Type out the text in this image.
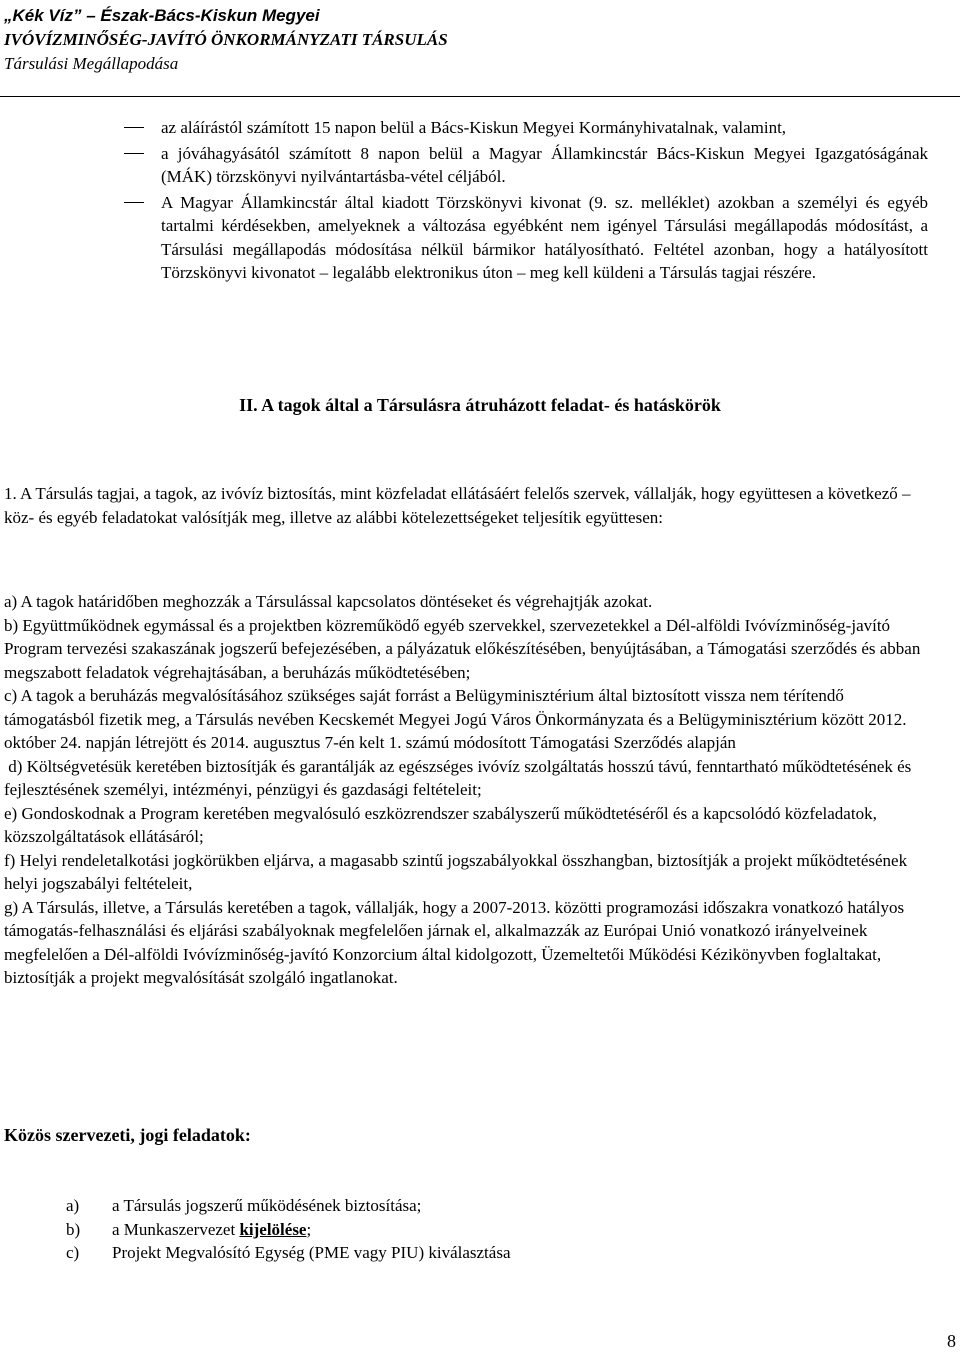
„Kék Víz” – Észak-Bács-Kiskun Megyei
IVÓVÍZMINŐSÉG-JAVÍTÓ ÖNKORMÁNYZATI TÁRSULÁS
Társulási Megállapodása
az aláírástól számított 15 napon belül a Bács-Kiskun Megyei Kormányhivatalnak, valamint,
a jóváhagyásától számított 8 napon belül a Magyar Államkincstár Bács-Kiskun Megyei Igazgatóságának (MÁK) törzskönyvi nyilvántartásba-vétel céljából.
A Magyar Államkincstár által kiadott Törzskönyvi kivonat (9. sz. melléklet) azokban a személyi és egyéb tartalmi kérdésekben, amelyeknek a változása egyébként nem igényel Társulási megállapodás módosítást, a Társulási megállapodás módosítása nélkül bármikor hatályosítható. Feltétel azonban, hogy a hatályosított Törzskönyvi kivonatot – legalább elektronikus úton – meg kell küldeni a Társulás tagjai részére.
II. A tagok által a Társulásra átruházott feladat- és hatáskörök

1. A Társulás tagjai, a tagok, az ivóvíz biztosítás, mint közfeladat ellátásáért felelős szervek, vállalják, hogy együttesen a következő – köz- és egyéb feladatokat valósítják meg, illetve az alábbi kötelezettségeket teljesítik együttesen:

a) A tagok határidőben meghozzák a Társulással kapcsolatos döntéseket és végrehajtják azokat.

b) Együttműködnek egymással és a projektben közreműködő egyéb szervekkel, szervezetekkel a Dél-alföldi Ivóvízminőség-javító Program tervezési szakaszának jogszerű befejezésében, a pályázatuk előkészítésében, benyújtásában, a Támogatási szerződés és abban megszabott feladatok végrehajtásában, a beruházás működtetésében;

c) A tagok a beruházás megvalósításához szükséges saját forrást a Belügyminisztérium által biztosított vissza nem térítendő támogatásból fizetik meg, a Társulás nevében Kecskemét Megyei Jogú Város Önkormányzata és a Belügyminisztérium között 2012. október 24. napján létrejött és 2014. augusztus 7-én kelt 1. számú módosított Támogatási Szerződés alapján

d) Költségvetésük keretében biztosítják és garantálják az egészséges ivóvíz szolgáltatás hosszú távú, fenntartható működtetésének és fejlesztésének személyi, intézményi, pénzügyi és gazdasági feltételeit;

e) Gondoskodnak a Program keretében megvalósuló eszközrendszer szabályszerű működtetéséről és a kapcsolódó közfeladatok, közszolgáltatások ellátásáról;

f) Helyi rendeletalkotási jogkörükben eljárva, a magasabb szintű jogszabályokkal összhangban, biztosítják a projekt működtetésének helyi jogszabályi feltételeit,

g) A Társulás, illetve, a Társulás keretében a tagok, vállalják, hogy a 2007-2013. közötti programozási időszakra vonatkozó hatályos támogatás-felhasználási és eljárási szabályoknak megfelelően járnak el, alkalmazzák az Európai Unió vonatkozó irányelveinek megfelelően a Dél-alföldi Ivóvízminőség-javító Konzorcium által kidolgozott, Üzemeltetői Működési Kézikönyvben foglaltakat, biztosítják a projekt megvalósítását szolgáló ingatlanokat.

Közös szervezeti, jogi feladatok:
a) a Társulás jogszerű működésének biztosítása;
b) a Munkaszervezet kijelölése;
c) Projekt Megvalósító Egység (PME vagy PIU) kiválasztása
8
